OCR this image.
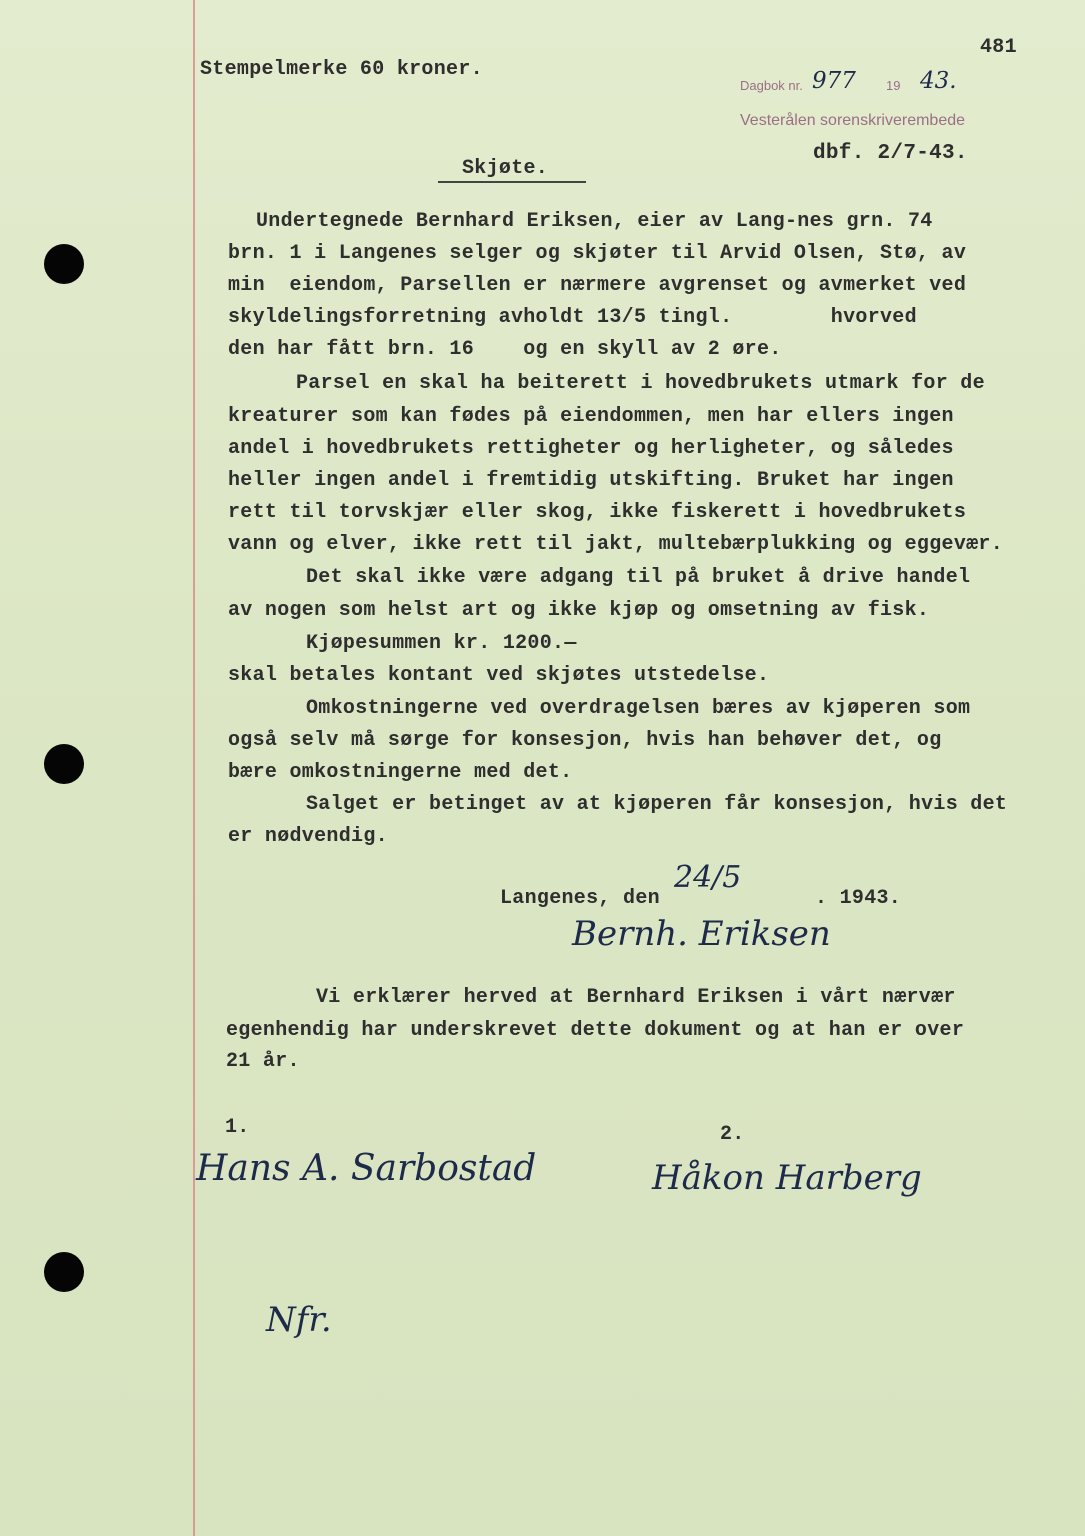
481
Stempelmerke 60 kroner.
Dagbok nr. 977 19 43.
Vesterålen sorenskriverembede
dbf. 2/7-43.
Skjøte.
Undertegnede Bernhard Eriksen, eier av Lang-nes grn. 74
brn. 1 i Langenes selger og skjøter til Arvid Olsen, Stø, av
min  eiendom, Parsellen er nærmere avgrenset og avmerket ved
skyldelingsforretning avholdt 13/5 tingl.        hvorved
den har fått brn. 16    og en skyll av 2 øre.
Parsel en skal ha beiterett i hovedbrukets utmark for de
kreaturer som kan fødes på eiendommen, men har ellers ingen
andel i hovedbrukets rettigheter og herligheter, og således
heller ingen andel i fremtidig utskifting. Bruket har ingen
rett til torvskjær eller skog, ikke fiskerett i hovedbrukets
vann og elver, ikke rett til jakt, multebærplukking og eggevær.
Det skal ikke være adgang til på bruket å drive handel
av nogen som helst art og ikke kjøp og omsetning av fisk.
Kjøpesummen kr. 1200.—
skal betales kontant ved skjøtes utstedelse.
Omkostningerne ved overdragelsen bæres av kjøperen som
også selv må sørge for konsesjon, hvis han behøver det, og
bære omkostningerne med det.
Salget er betinget av at kjøperen får konsesjon, hvis det
er nødvendig.
Langenes, den
24/5
. 1943.
Bernh. Eriksen
Vi erklærer herved at Bernhard Eriksen i vårt nærvær
egenhendig har underskrevet dette dokument og at han er over
21 år.
1.	2.
Hans A. Sarbostad	Håkon Harberg
Nfr.
